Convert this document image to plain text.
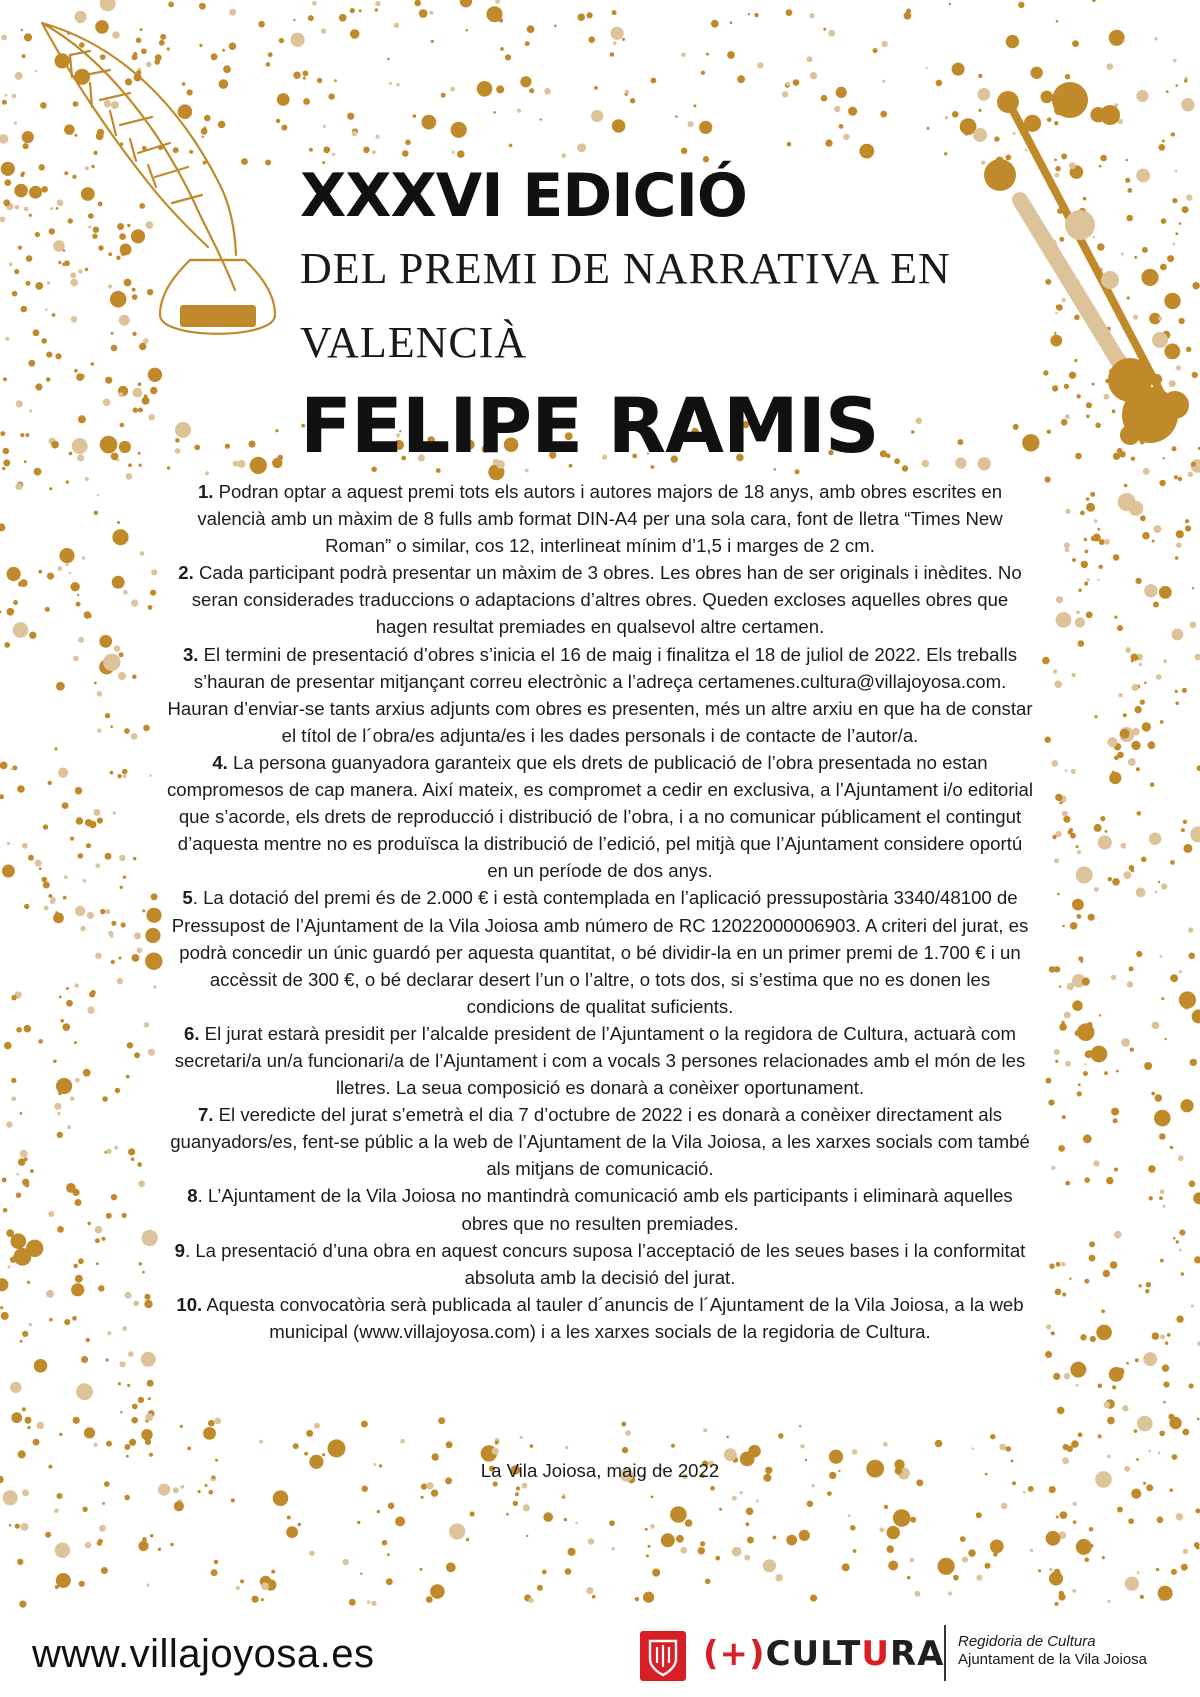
XXXVI EDICIÓ
DEL PREMI DE NARRATIVA EN
VALENCIÀ
FELIPE RAMIS

1. Podran optar a aquest premi tots els autors i autores majors de 18 anys, amb obres escrites en valencià amb un màxim de 8 fulls amb format DIN-A4 per una sola cara, font de lletra “Times New Roman” o similar, cos 12, interlineat mínim d’1,5 i marges de 2 cm.

2. Cada participant podrà presentar un màxim de 3 obres. Les obres han de ser originals i inèdites. No seran considerades traduccions o adaptacions d’altres obres. Queden excloses aquelles obres que hagen resultat premiades en qualsevol altre certamen.

3. El termini de presentació d’obres s’inicia el 16 de maig i finalitza el 18 de juliol de 2022. Els treballs s’hauran de presentar mitjançant correu electrònic a l’adreça certamenes.cultura@villajoyosa.com. Hauran d’enviar-se tants arxius adjunts com obres es presenten, més un altre arxiu en que ha de constar el títol de l´obra/es adjunta/es i les dades personals i de contacte de l’autor/a.

4. La persona guanyadora garanteix que els drets de publicació de l’obra presentada no estan compromesos de cap manera. Així mateix, es compromet a cedir en exclusiva, a l’Ajuntament i/o editorial que s’acorde, els drets de reproducció i distribució de l’obra, i a no comunicar públicament el contingut d’aquesta mentre no es produïsca la distribució de l’edició, pel mitjà que l’Ajuntament considere oportú en un període de dos anys.

5. La dotació del premi és de 2.000 € i està contemplada en l’aplicació pressupostària 3340/48100 de Pressupost de l’Ajuntament de la Vila Joiosa amb número de RC 12022000006903. A criteri del jurat, es podrà concedir un únic guardó per aquesta quantitat, o bé dividir-la en un primer premi de 1.700 € i un accèssit de 300 €, o bé declarar desert l’un o l’altre, o tots dos, si s’estima que no es donen les condicions de qualitat suficients.

6. El jurat estarà presidit per l’alcalde president de l’Ajuntament o la regidora de Cultura, actuarà com secretari/a un/a funcionari/a de l’Ajuntament i com a vocals 3 persones relacionades amb el món de les lletres. La seua composició es donarà a conèixer oportunament.

7. El veredicte del jurat s’emetrà el dia 7 d’octubre de 2022 i es donarà a conèixer directament als guanyadors/es, fent-se públic a la web de l’Ajuntament de la Vila Joiosa, a les xarxes socials com també als mitjans de comunicació.

8. L’Ajuntament de la Vila Joiosa no mantindrà comunicació amb els participants i eliminarà aquelles obres que no resulten premiades.

9. La presentació d’una obra en aquest concurs suposa l’acceptació de les seues bases i la conformitat absoluta amb la decisió del jurat.

10. Aquesta convocatòria serà publicada al tauler d´anuncis de l´Ajuntament de la Vila Joiosa, a la web municipal (www.villajoyosa.com) i a les xarxes socials de la regidoria de Cultura.

La Vila Joiosa, maig de 2022
www.villajoyosa.es	(+)CULTURA Regidoria de Cultura
Ajuntament de la Vila Joiosa
